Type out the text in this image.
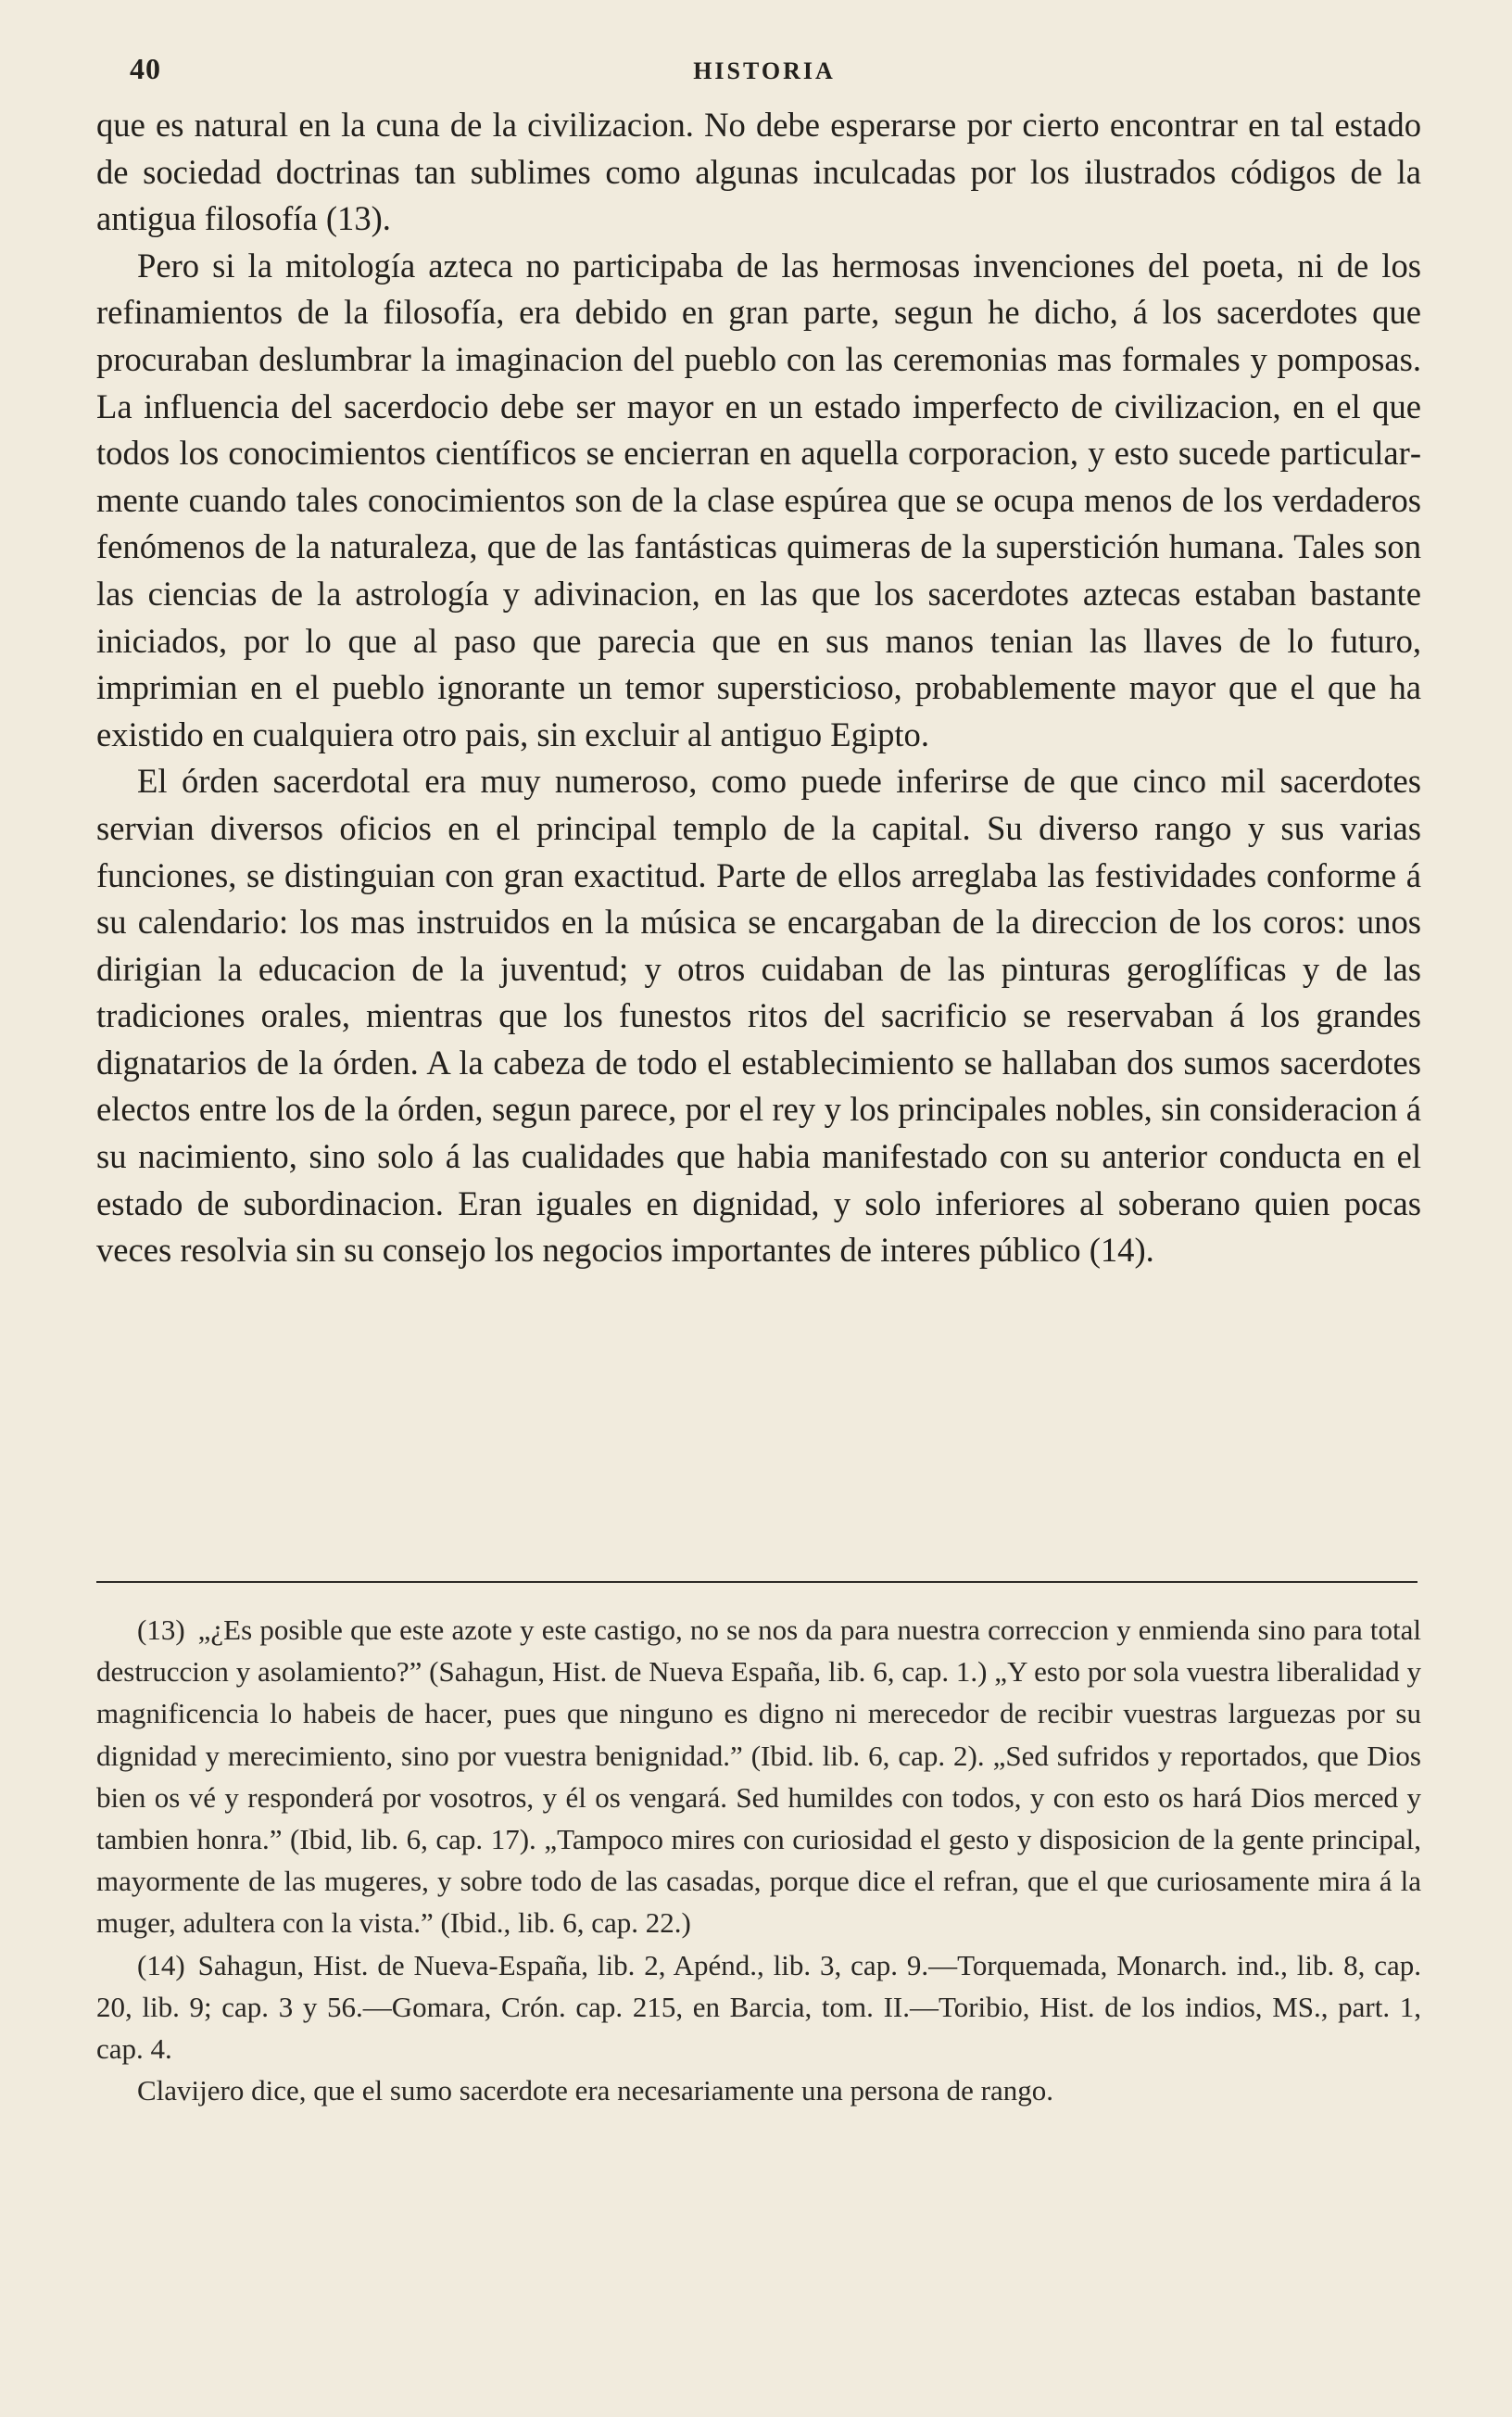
40	HISTORIA

que es natural en la cuna de la civilizacion. No debe esperarse por cierto encontrar en tal estado de sociedad doctrinas tan sublimes como algunas inculcadas por los ilustrados códigos de la antigua filosofía (13).

Pero si la mitología azteca no participaba de las hermosas invenciones del poeta, ni de los refinamientos de la filosofía, era debido en gran parte, segun he dicho, á los sacerdotes que procuraban deslumbrar la imaginacion del pueblo con las ceremonias mas formales y pomposas. La influencia del sacerdocio debe ser mayor en un estado imperfecto de civilizacion, en el que todos los conocimientos científicos se encierran en aquella corporacion, y esto sucede particularmente cuando tales conocimientos son de la clase espúrea que se ocupa menos de los verdaderos fenómenos de la naturaleza, que de las fantásticas quimeras de la superstición humana. Tales son las ciencias de la astrología y adivinacion, en las que los sacerdotes aztecas estaban bastante iniciados, por lo que al paso que parecia que en sus manos tenian las llaves de lo futuro, imprimian en el pueblo ignorante un temor supersticioso, probablemente mayor que el que ha existido en cualquiera otro pais, sin excluir al antiguo Egipto.

El órden sacerdotal era muy numeroso, como puede inferirse de que cinco mil sacerdotes servian diversos oficios en el principal templo de la capital. Su diverso rango y sus varias funciones, se distinguian con gran exactitud. Parte de ellos arreglaba las festividades conforme á su calendario: los mas instruidos en la música se encargaban de la direccion de los coros: unos dirigian la educacion de la juventud; y otros cuidaban de las pinturas geroglíficas y de las tradiciones orales, mientras que los funestos ritos del sacrificio se reservaban á los grandes dignatarios de la órden. A la cabeza de todo el establecimiento se hallaban dos sumos sacerdotes electos entre los de la órden, segun parece, por el rey y los principales nobles, sin consideracion á su nacimiento, sino solo á las cualidades que habia manifestado con su anterior conducta en el estado de subordinacion. Eran iguales en dignidad, y solo inferiores al soberano quien pocas veces resolvia sin su consejo los negocios importantes de interes público (14).

(13) „¿Es posible que este azote y este castigo, no se nos da para nuestra correccion y enmienda sino para total destruccion y asolamiento?” (Sahagun, Hist. de Nueva España, lib. 6, cap. 1.) „Y esto por sola vuestra liberalidad y magnificencia lo habeis de hacer, pues que ninguno es digno ni merecedor de recibir vuestras larguezas por su dignidad y merecimiento, sino por vuestra benignidad.” (Ibid. lib. 6, cap. 2). „Sed sufridos y reportados, que Dios bien os vé y responderá por vosotros, y él os vengará. Sed humildes con todos, y con esto os hará Dios merced y tambien honra.” (Ibid, lib. 6, cap. 17). „Tampoco mires con curiosidad el gesto y disposicion de la gente principal, mayormente de las mugeres, y sobre todo de las casadas, porque dice el refran, que el que curiosamente mira á la muger, adultera con la vista.” (Ibid., lib. 6, cap. 22.)

(14) Sahagun, Hist. de Nueva-España, lib. 2, Apénd., lib. 3, cap. 9.—Torquemada, Monarch. ind., lib. 8, cap. 20, lib. 9; cap. 3 y 56.—Gomara, Crón. cap. 215, en Barcia, tom. II.—Toribio, Hist. de los indios, MS., part. 1, cap. 4.

Clavijero dice, que el sumo sacerdote era necesariamente una persona de rango.
